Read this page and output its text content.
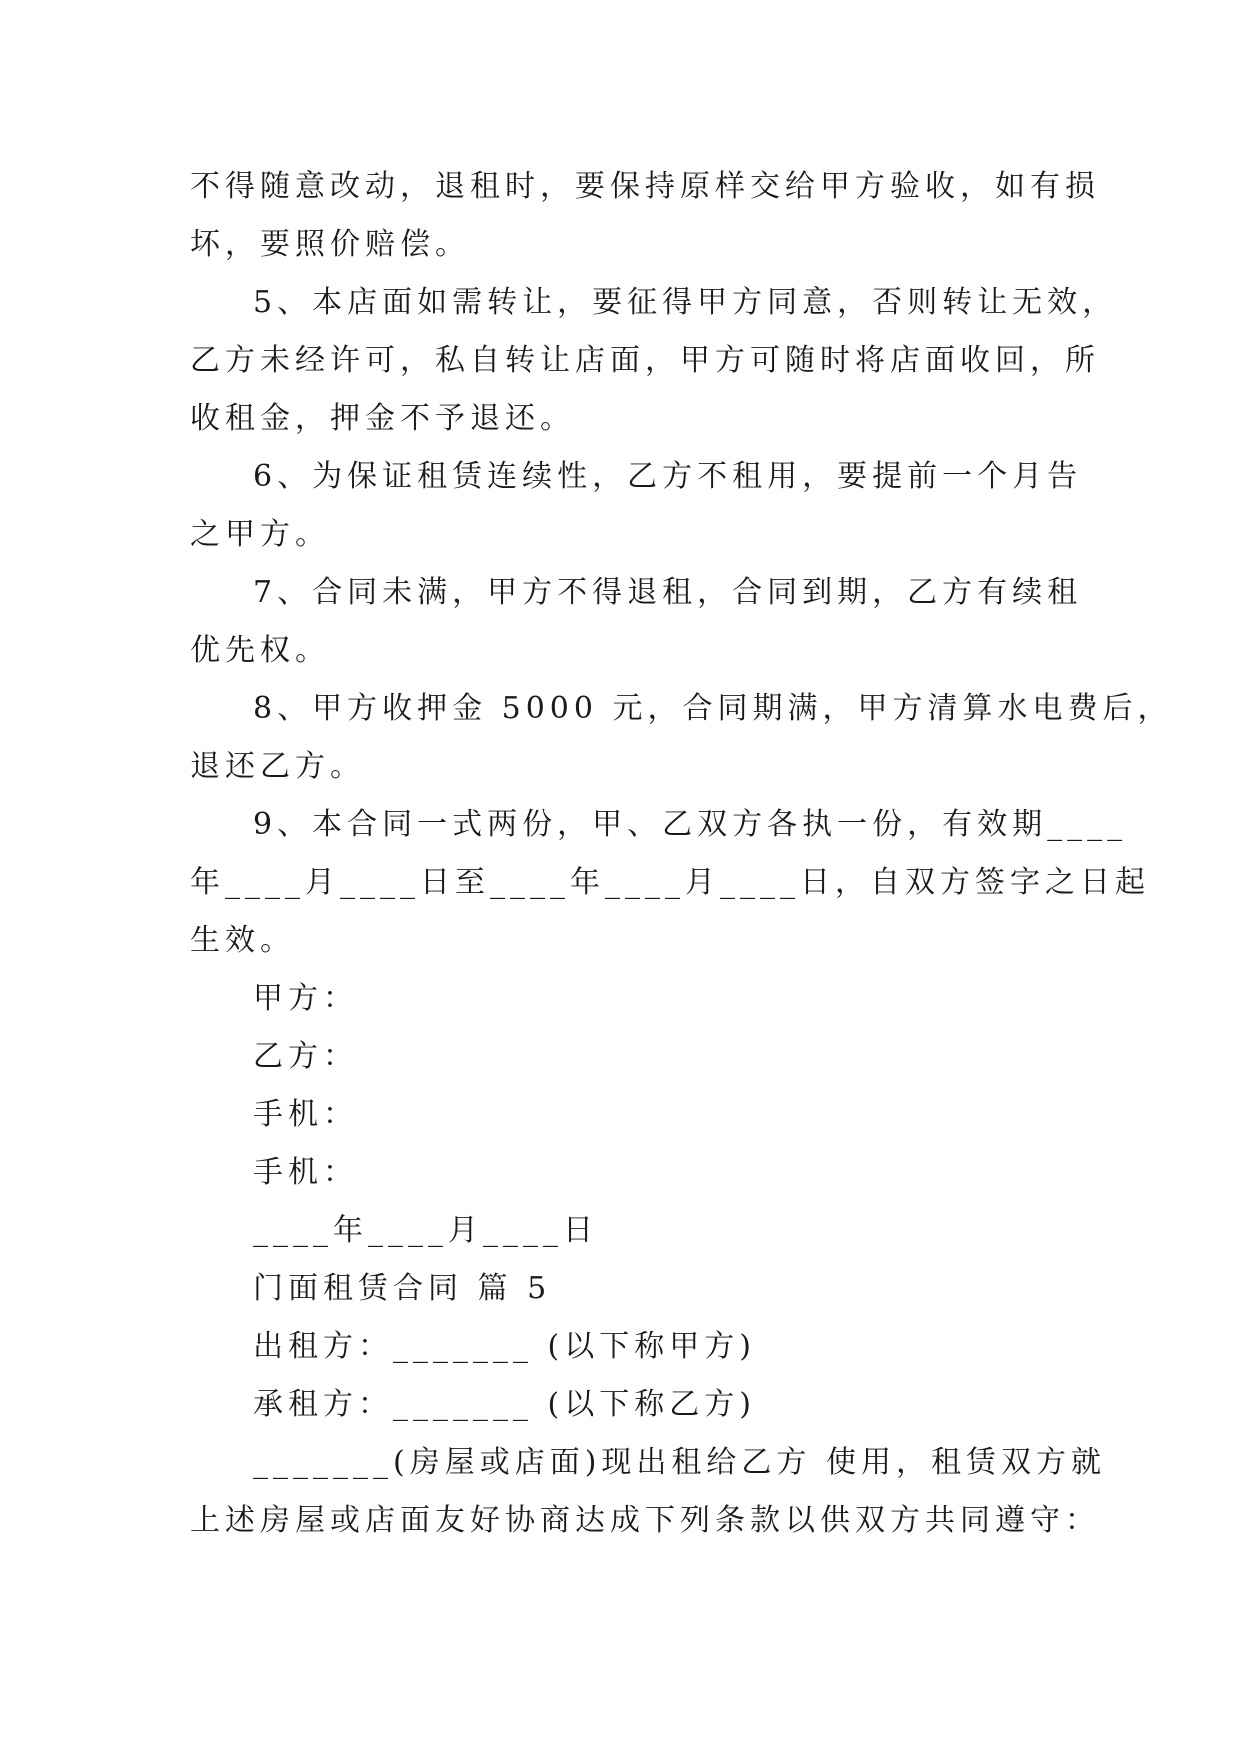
不得随意改动，退租时，要保持原样交给甲方验收，如有损
坏，要照价赔偿。
5、本店面如需转让，要征得甲方同意，否则转让无效，
乙方未经许可，私自转让店面，甲方可随时将店面收回，所
收租金，押金不予退还。
6、为保证租赁连续性，乙方不租用，要提前一个月告
之甲方。
7、合同未满，甲方不得退租，合同到期，乙方有续租
优先权。
8、甲方收押金 5000 元，合同期满，甲方清算水电费后，
退还乙方。
9、本合同一式两份，甲、乙双方各执一份，有效期____
年____月____日至____年____月____日，自双方签字之日起
生效。
甲方：
乙方：
手机：
手机：
____年____月____日
门面租赁合同 篇 5
出租方：_______ (以下称甲方)
承租方：_______ (以下称乙方)
_______(房屋或店面)现出租给乙方 使用，租赁双方就
上述房屋或店面友好协商达成下列条款以供双方共同遵守：
